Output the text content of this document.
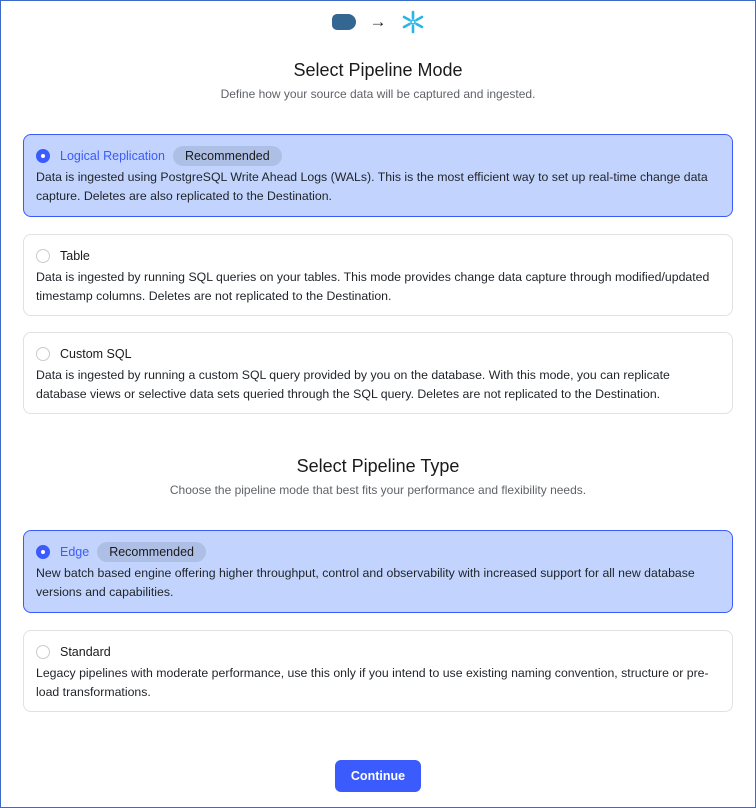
→
Select Pipeline Mode
Define how your source data will be captured and ingested.
Logical Replication	Recommended
Data is ingested using PostgreSQL Write Ahead Logs (WALs). This is the most efficient way to set up real-time change data capture. Deletes are also replicated to the Destination.
Table
Data is ingested by running SQL queries on your tables. This mode provides change data capture through modified/updated timestamp columns. Deletes are not replicated to the Destination.
Custom SQL
Data is ingested by running a custom SQL query provided by you on the database. With this mode, you can replicate database views or selective data sets queried through the SQL query. Deletes are not replicated to the Destination.
Select Pipeline Type
Choose the pipeline mode that best fits your performance and flexibility needs.
Edge	Recommended
New batch based engine offering higher throughput, control and observability with increased support for all new database versions and capabilities.
Standard
Legacy pipelines with moderate performance, use this only if you intend to use existing naming convention, structure or pre-load transformations.
Continue
